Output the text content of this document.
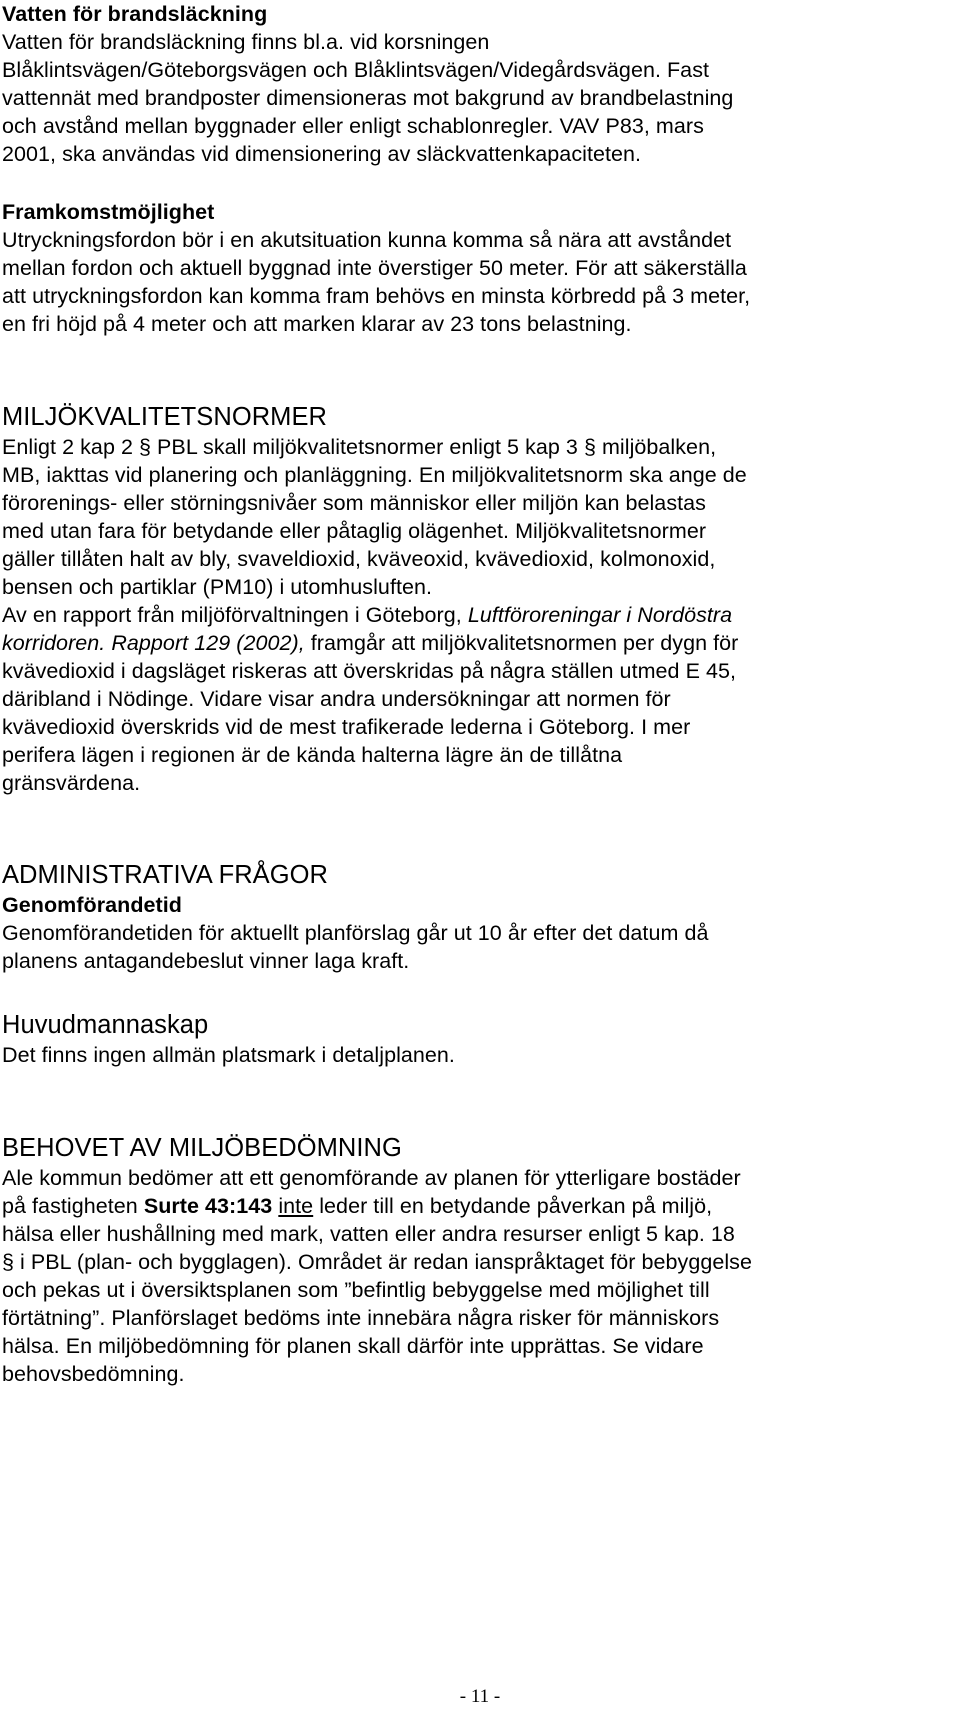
Vatten för brandsläckning
Vatten för brandsläckning finns bl.a. vid korsningen
Blåklintsvägen/Göteborgsvägen och Blåklintsvägen/Videgårdsvägen. Fast
vattennät med brandposter dimensioneras mot bakgrund av brandbelastning
och avstånd mellan byggnader eller enligt schablonregler. VAV P83, mars
2001, ska användas vid dimensionering av släckvattenkapaciteten.
Framkomstmöjlighet
Utryckningsfordon bör i en akutsituation kunna komma så nära att avståndet
mellan fordon och aktuell byggnad inte överstiger 50 meter. För att säkerställa
att utryckningsfordon kan komma fram behövs en minsta körbredd på 3 meter,
en fri höjd på 4 meter och att marken klarar av 23 tons belastning.
MILJÖKVALITETSNORMER
Enligt 2 kap 2 § PBL skall miljökvalitetsnormer enligt 5 kap 3 § miljöbalken,
MB, iakttas vid planering och planläggning. En miljökvalitetsnorm ska ange de
förorenings- eller störningsnivåer som människor eller miljön kan belastas
med utan fara för betydande eller påtaglig olägenhet. Miljökvalitetsnormer
gäller tillåten halt av bly, svaveldioxid, kväveoxid, kvävedioxid, kolmonoxid,
bensen och partiklar (PM10) i utomhusluften.
Av en rapport från miljöförvaltningen i Göteborg, Luftföroreningar i Nordöstra
korridoren. Rapport 129 (2002), framgår att miljökvalitetsnormen per dygn för
kvävedioxid i dagsläget riskeras att överskridas på några ställen utmed E 45,
däribland i Nödinge. Vidare visar andra undersökningar att normen för
kvävedioxid överskrids vid de mest trafikerade lederna i Göteborg. I mer
perifera lägen i regionen är de kända halterna lägre än de tillåtna
gränsvärdena.
ADMINISTRATIVA FRÅGOR
Genomförandetid
Genomförandetiden för aktuellt planförslag går ut 10 år efter det datum då
planens antagandebeslut vinner laga kraft.
Huvudmannaskap
Det finns ingen allmän platsmark i detaljplanen.
BEHOVET AV MILJÖBEDÖMNING
Ale kommun bedömer att ett genomförande av planen för ytterligare bostäder
på fastigheten Surte 43:143 inte leder till en betydande påverkan på miljö,
hälsa eller hushållning med mark, vatten eller andra resurser enligt 5 kap. 18
§ i PBL (plan- och bygglagen). Området är redan ianspråktaget för bebyggelse
och pekas ut i översiktsplanen som ”befintlig bebyggelse med möjlighet till
förtätning”. Planförslaget bedöms inte innebära några risker för människors
hälsa. En miljöbedömning för planen skall därför inte upprättas. Se vidare
behovsbedömning.
- 11 -
